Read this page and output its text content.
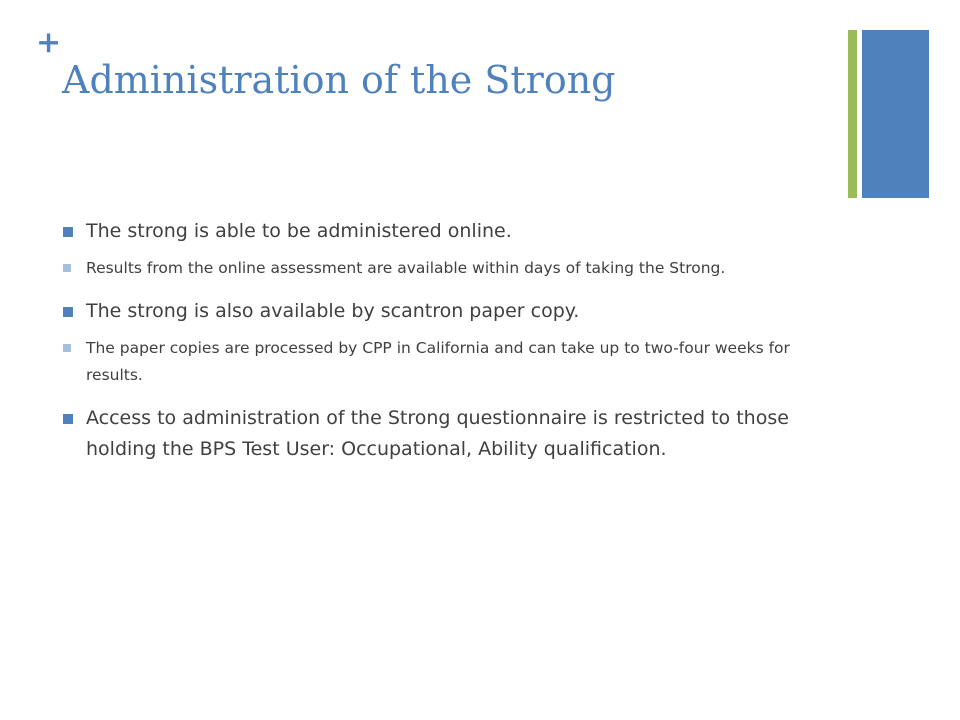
+
Administration of the Strong
The strong is able to be administered online.
Results from the online assessment are available within days of taking the Strong.
The strong is also available by scantron paper copy.
The paper copies are processed by CPP in California and can take up to two-four weeks for results.
Access to administration of the Strong questionnaire is restricted to those holding the BPS Test User: Occupational, Ability qualification.
